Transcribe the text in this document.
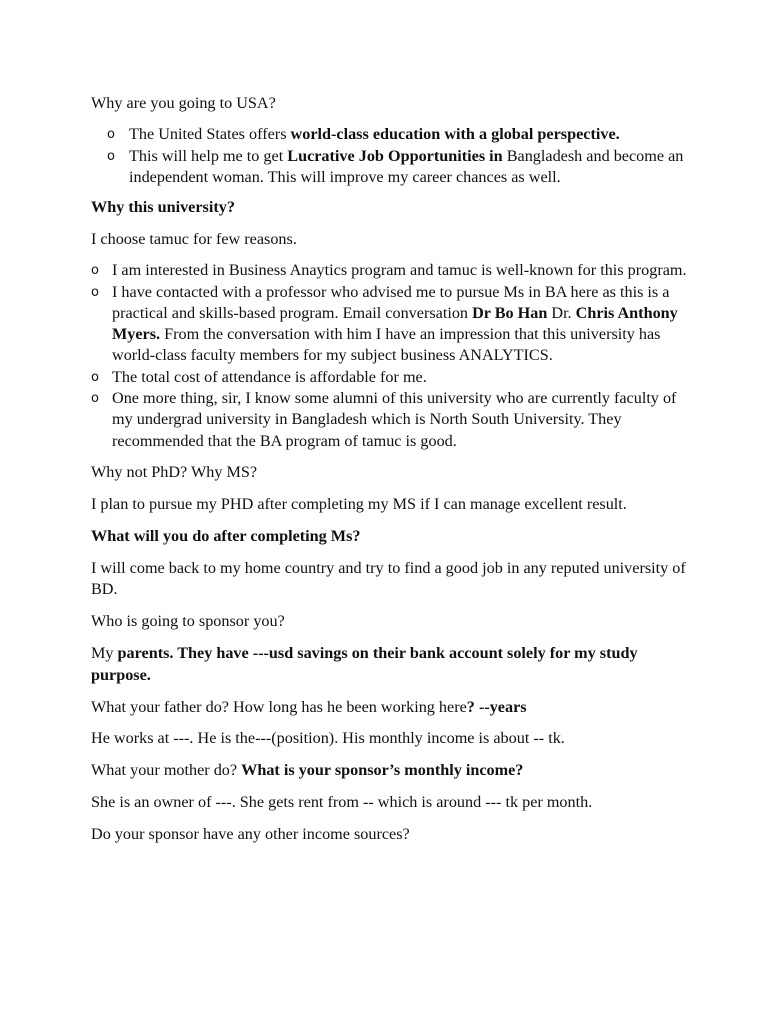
Why are you going to USA?

o The United States offers world-class education with a global perspective.
o This will help me to get Lucrative Job Opportunities in Bangladesh and become an independent woman. This will improve my career chances as well.

Why this university?

I choose tamuc for few reasons.

o I am interested in Business Anaytics program and tamuc is well-known for this program.
o I have contacted with a professor who advised me to pursue Ms in BA here as this is a practical and skills-based program. Email conversation Dr Bo Han Dr. Chris Anthony Myers. From the conversation with him I have an impression that this university has world-class faculty members for my subject business ANALYTICS.
o The total cost of attendance is affordable for me.
o One more thing, sir, I know some alumni of this university who are currently faculty of my undergrad university in Bangladesh which is North South University. They recommended that the BA program of tamuc is good.

Why not PhD? Why MS?

I plan to pursue my PHD after completing my MS if I can manage excellent result.

What will you do after completing Ms?

I will come back to my home country and try to find a good job in any reputed university of BD.

Who is going to sponsor you?

My parents. They have ---usd savings on their bank account solely for my study purpose.

What your father do? How long has he been working here? --years

He works at ---. He is the---(position). His monthly income is about -- tk.

What your mother do? What is your sponsor’s monthly income?

She is an owner of ---. She gets rent from -- which is around --- tk per month.

Do your sponsor have any other income sources?
